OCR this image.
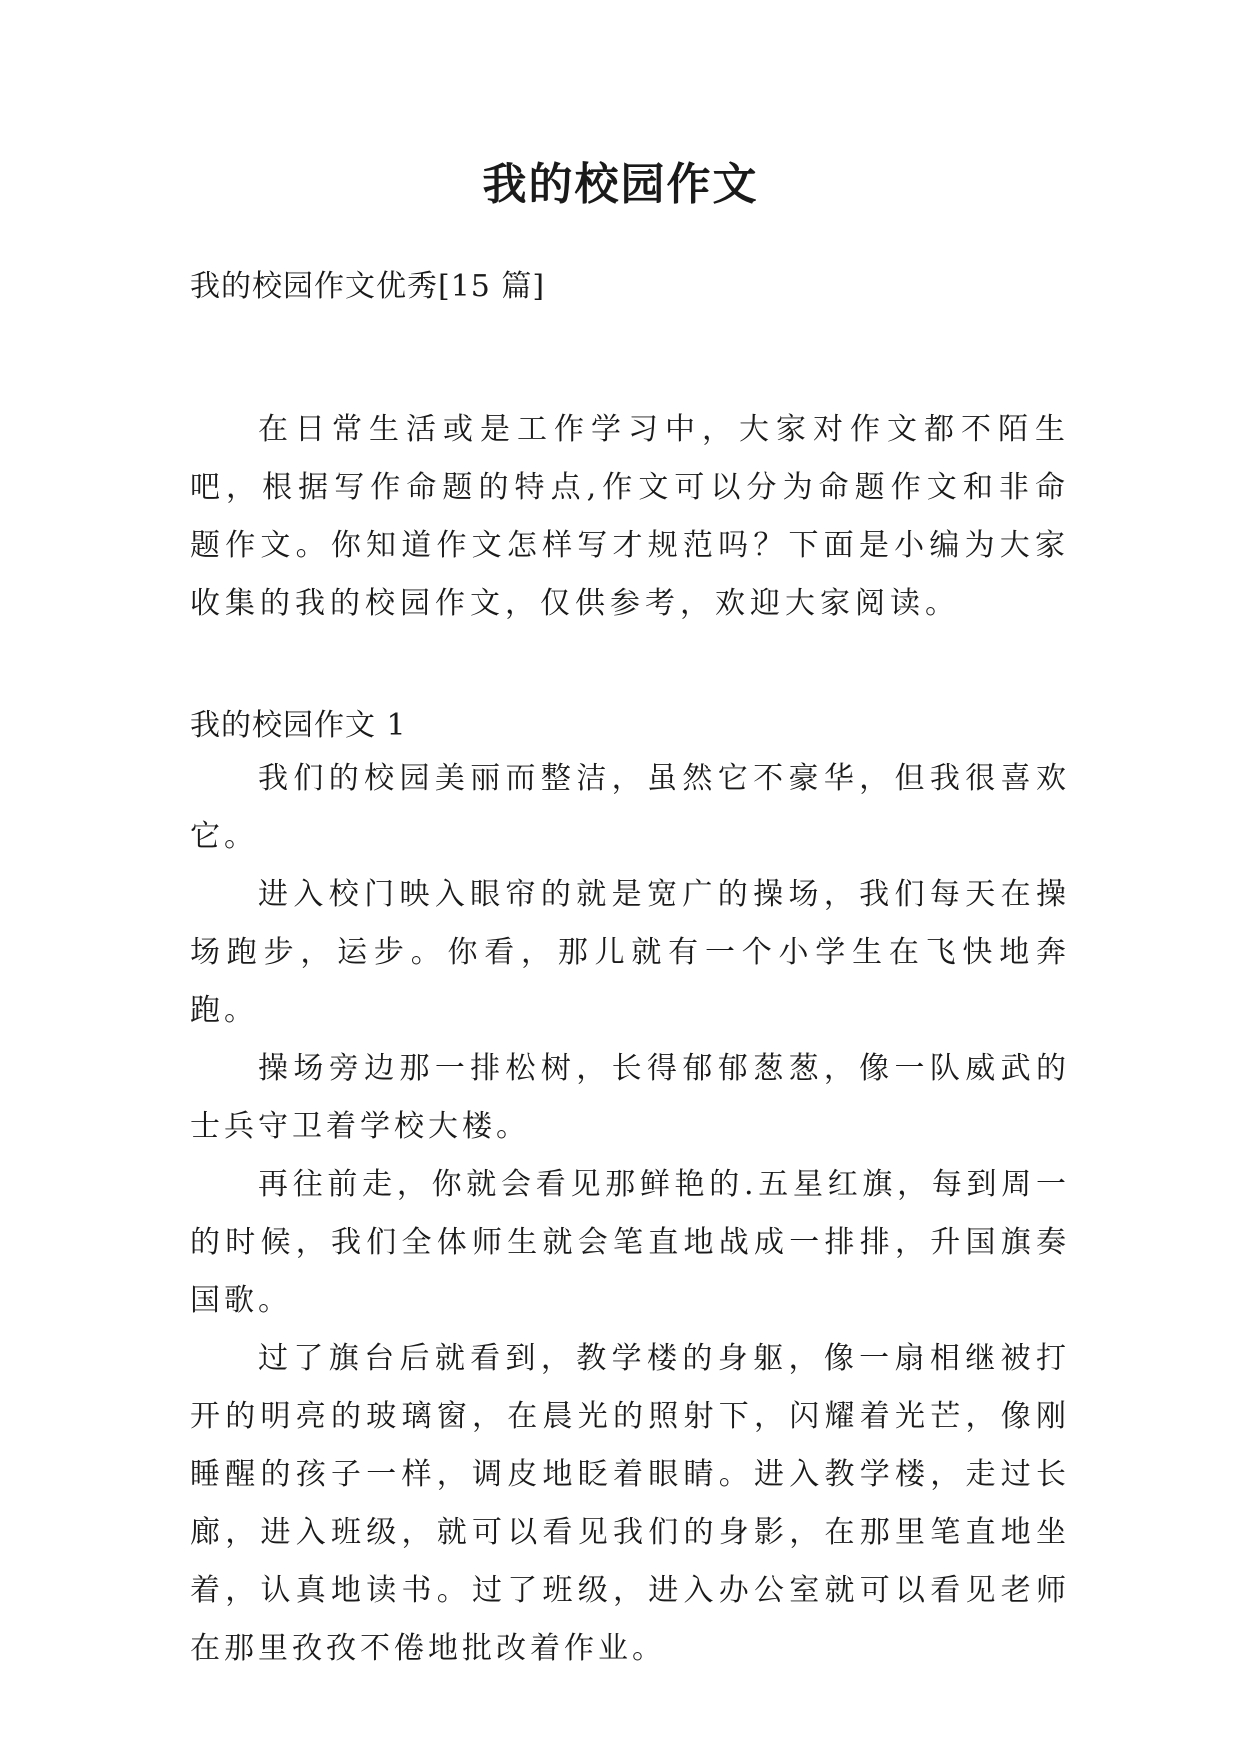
我的校园作文
我的校园作文优秀[15 篇]
在日常生活或是工作学习中，大家对作文都不陌生吧，根据写作命题的特点,作文可以分为命题作文和非命题作文。你知道作文怎样写才规范吗？下面是小编为大家收集的我的校园作文，仅供参考，欢迎大家阅读。
我的校园作文 1

我们的校园美丽而整洁，虽然它不豪华，但我很喜欢它。

进入校门映入眼帘的就是宽广的操场，我们每天在操场跑步，运步。你看，那儿就有一个小学生在飞快地奔跑。

操场旁边那一排松树，长得郁郁葱葱，像一队威武的士兵守卫着学校大楼。

再往前走，你就会看见那鲜艳的.五星红旗，每到周一的时候，我们全体师生就会笔直地战成一排排，升国旗奏国歌。

过了旗台后就看到，教学楼的身躯，像一扇相继被打开的明亮的玻璃窗，在晨光的照射下，闪耀着光芒，像刚睡醒的孩子一样，调皮地眨着眼睛。进入教学楼，走过长廊，进入班级，就可以看见我们的身影，在那里笔直地坐着，认真地读书。过了班级，进入办公室就可以看见老师在那里孜孜不倦地批改着作业。
